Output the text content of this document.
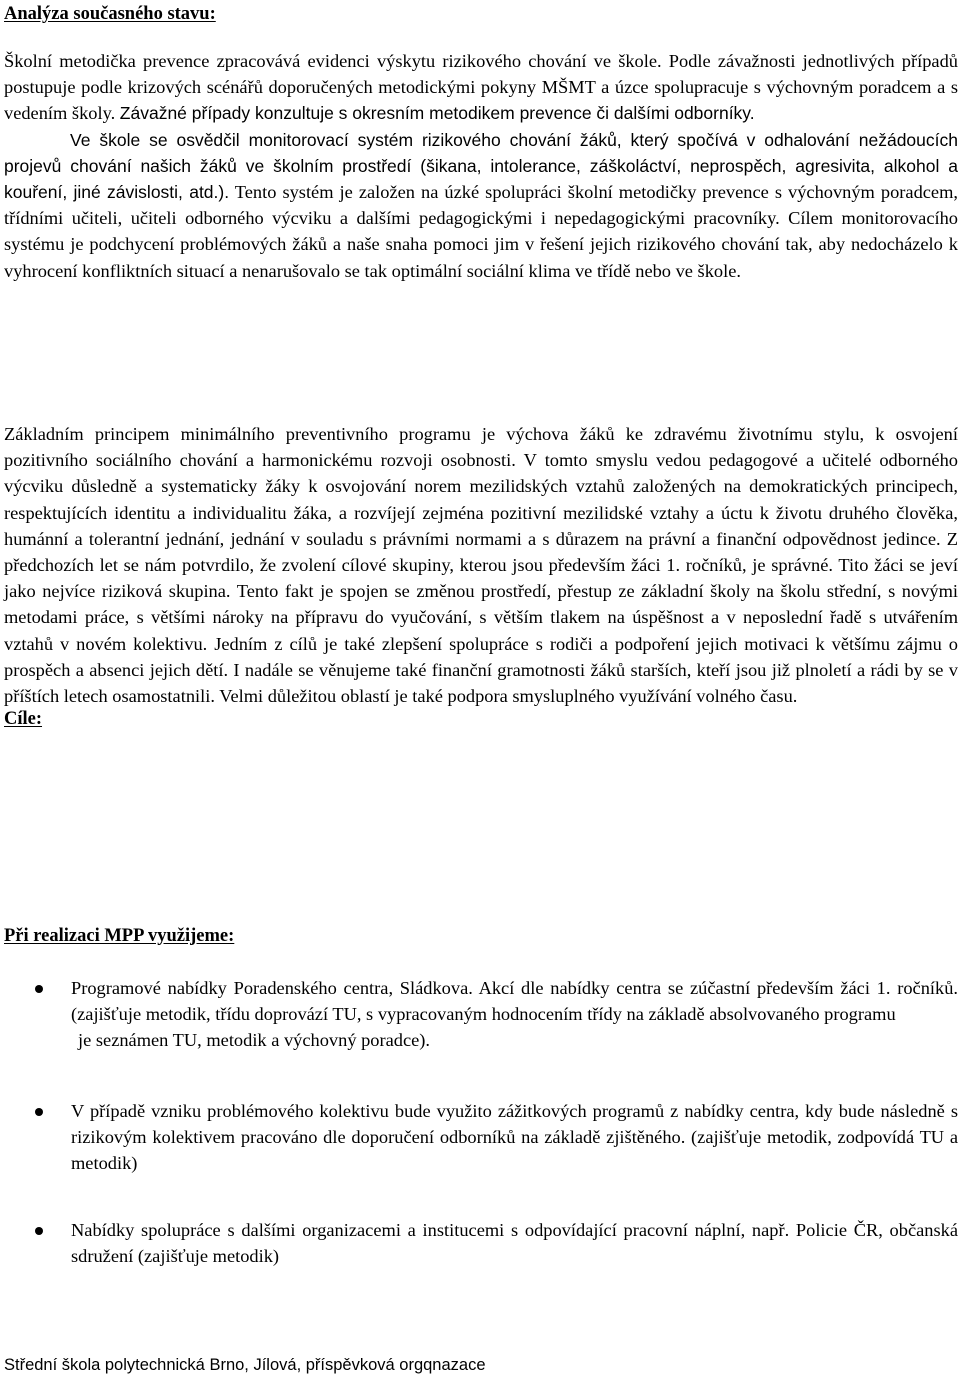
Analýza současného stavu:

Školní metodička prevence zpracovává evidenci výskytu rizikového chování ve škole. Podle závažnosti jednotlivých případů postupuje podle krizových scénářů doporučených metodickými pokyny MŠMT a úzce spolupracuje s výchovným poradcem a s vedením školy. Závažné případy konzultuje s okresním metodikem prevence či dalšími odborníky.

Ve škole se osvědčil monitorovací systém rizikového chování žáků, který spočívá v odhalování nežádoucích projevů chování našich žáků ve školním prostředí (šikana, intolerance, záškoláctví, neprospěch, agresivita, alkohol a kouření, jiné závislosti, atd.). Tento systém je založen na úzké spolupráci školní metodičky prevence s výchovným poradcem, třídními učiteli, učiteli odborného výcviku a dalšími pedagogickými i nepedagogickými pracovníky. Cílem monitorovacího systému je podchycení problémových žáků a naše snaha pomoci jim v řešení jejich rizikového chování tak, aby nedocházelo k vyhrocení konfliktních situací a nenarušovalo se tak optimální sociální klima ve třídě nebo ve škole.

Cíle:

Základním principem minimálního preventivního programu je výchova žáků ke zdravému životnímu stylu, k osvojení pozitivního sociálního chování a harmonickému rozvoji osobnosti. V tomto smyslu vedou pedagogové a učitelé odborného výcviku důsledně a systematicky žáky k osvojování norem mezilidských vztahů založených na demokratických principech, respektujících identitu a individualitu žáka, a rozvíjejí zejména pozitivní mezilidské vztahy a úctu k životu druhého člověka, humánní a tolerantní jednání, jednání v souladu s právními normami a s důrazem na právní a finanční odpovědnost jedince. Z předchozích let se nám potvrdilo, že zvolení cílové skupiny, kterou jsou především žáci 1. ročníků, je správné. Tito žáci se jeví jako nejvíce riziková skupina. Tento fakt je spojen se změnou prostředí, přestup ze základní školy na školu střední, s novými metodami práce, s většími nároky na přípravu do vyučování, s větším tlakem na úspěšnost a v neposlední řadě s utvářením vztahů v novém kolektivu. Jedním z cílů je také zlepšení spolupráce s rodiči a podpoření jejich motivaci k většímu zájmu o prospěch a absenci jejich dětí. I nadále se věnujeme také finanční gramotnosti žáků starších, kteří jsou již plnoletí a rádi by se v příštích letech osamostatnili. Velmi důležitou oblastí je také podpora smysluplného využívání volného času.

Při realizaci MPP využijeme:
Programové nabídky Poradenského centra, Sládkova. Akcí dle nabídky centra se zúčastní především žáci 1. ročníků. (zajišťuje metodik, třídu doprovází TU, s vypracovaným hodnocením třídy na základě absolvovaného programu
je seznámen TU, metodik a výchovný poradce).
V případě vzniku problémového kolektivu bude využito zážitkových programů z nabídky centra, kdy bude následně s rizikovým kolektivem pracováno dle doporučení odborníků na základě zjištěného. (zajišťuje metodik, zodpovídá TU a metodik)
Nabídky spolupráce s dalšími organizacemi a institucemi s odpovídající pracovní náplní, např. Policie ČR, občanská sdružení (zajišťuje metodik)
Střední škola polytechnická Brno, Jílová, příspěvková orgqnazace
